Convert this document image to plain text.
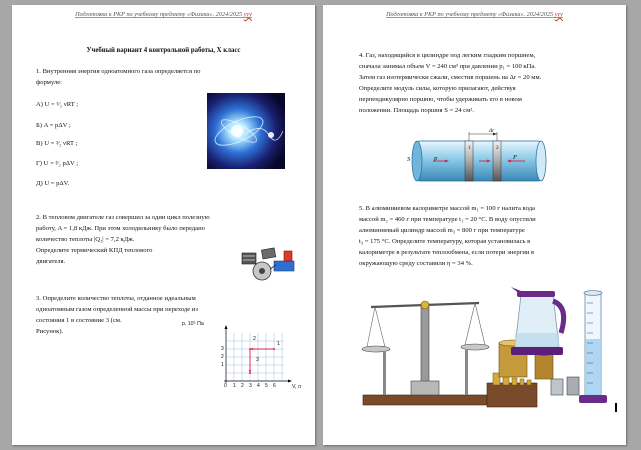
Подготовка к РКР по учебному предмету «Физика». 2024/2025 ууу
Учебный вариант 4 контрольной работы, X класс
1. Внутренняя энергия одноатомного газа определяется по
формуле:
А) U = ⁵⁄₂ νRT ;
Б) A = pΔV ;
В) U = ³⁄₂ νRT ;
Г) U = ³⁄₂ pΔV ;
Д) U = pΔV.
2. В тепловом двигателе газ совершил за один цикл полезную
работу, A = 1,8 кДж. При этом холодильнику было передано
количество теплоты |Q₂| = 7,2 кДж.
Определите термический КПД теплового
двигателя.
3. Определите количество теплоты, отданное идеальным
одноатомным газом определенной массы при переходе из
состояния 1 в состояние 3 (см.
Рисунок).
p, 10⁵ Па
V, л
0 1 2 3 4 5 6
1
2
3
1
2
3
Подготовка к РКР по учебному предмету «Физика». 2024/2025 ууу
4. Газ, находящийся в цилиндре под легким гладким поршнем,
сначала занимал объем V = 240 см³ при давлении p₁ = 100 кПа.
Затем газ изотермически сжали, сместив поршень на Δr = 20 мм.
Определите модуль силы, которую прилагают, действуя
перпендикулярно поршню, чтобы удерживать его в новом
положении. Площадь поршня S = 24 см².
S	p
1	2
F
Δr
5. В алюминиевом калориметре массой m₁ = 100 г налита вода
массой m₂ = 460 г при температуре t₁ = 20 °C. В воду опустили
алюминиевый цилиндр массой m₃ = 800 г при температуре
t₃ = 175 °C. Определите температуру, которая установилась в
калориметре в результате теплообмена, если потери энергии в
окружающую среду составили η = 34 %.
